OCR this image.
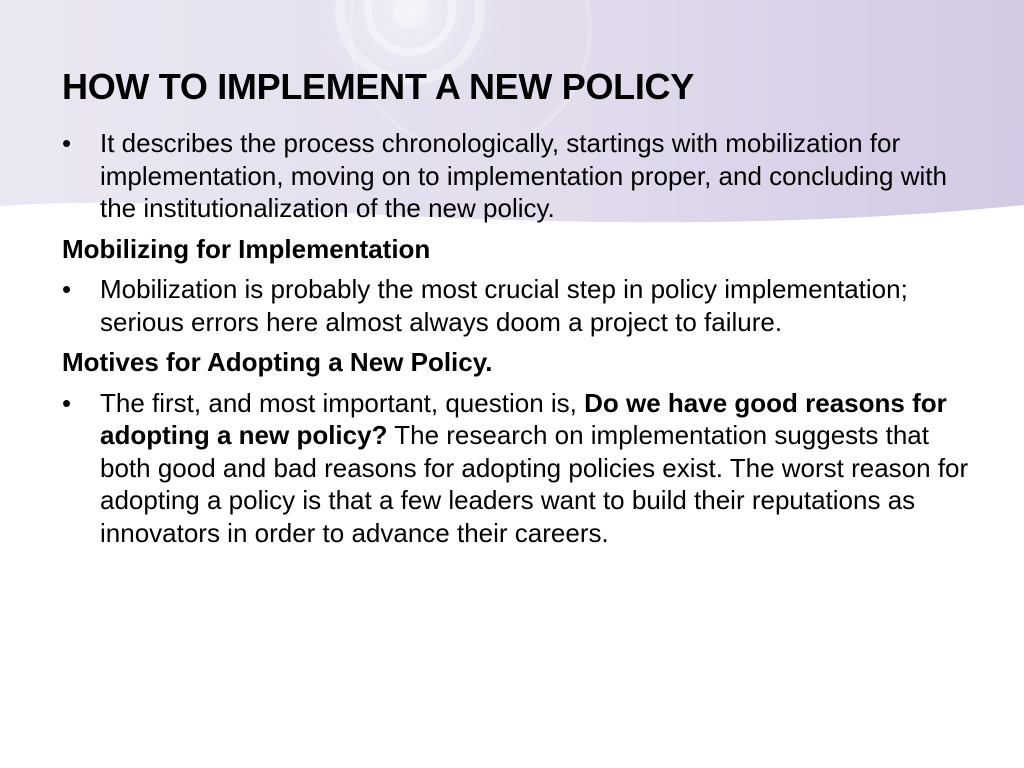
HOW TO IMPLEMENT A NEW POLICY
•	It describes the process chronologically, startings with mobilization for implementation, moving on to implementation proper, and concluding with the institutionalization of the new policy.
Mobilizing for Implementation
•	Mobilization is probably the most crucial step in policy implementation; serious errors here almost always doom a project to failure.
Motives for Adopting a New Policy.
•	The first, and most important, question is, Do we have good reasons for adopting a new policy? The research on implementation suggests that both good and bad reasons for adopting policies exist. The worst reason for adopting a policy is that a few leaders want to build their reputations as innovators in order to advance their careers.
